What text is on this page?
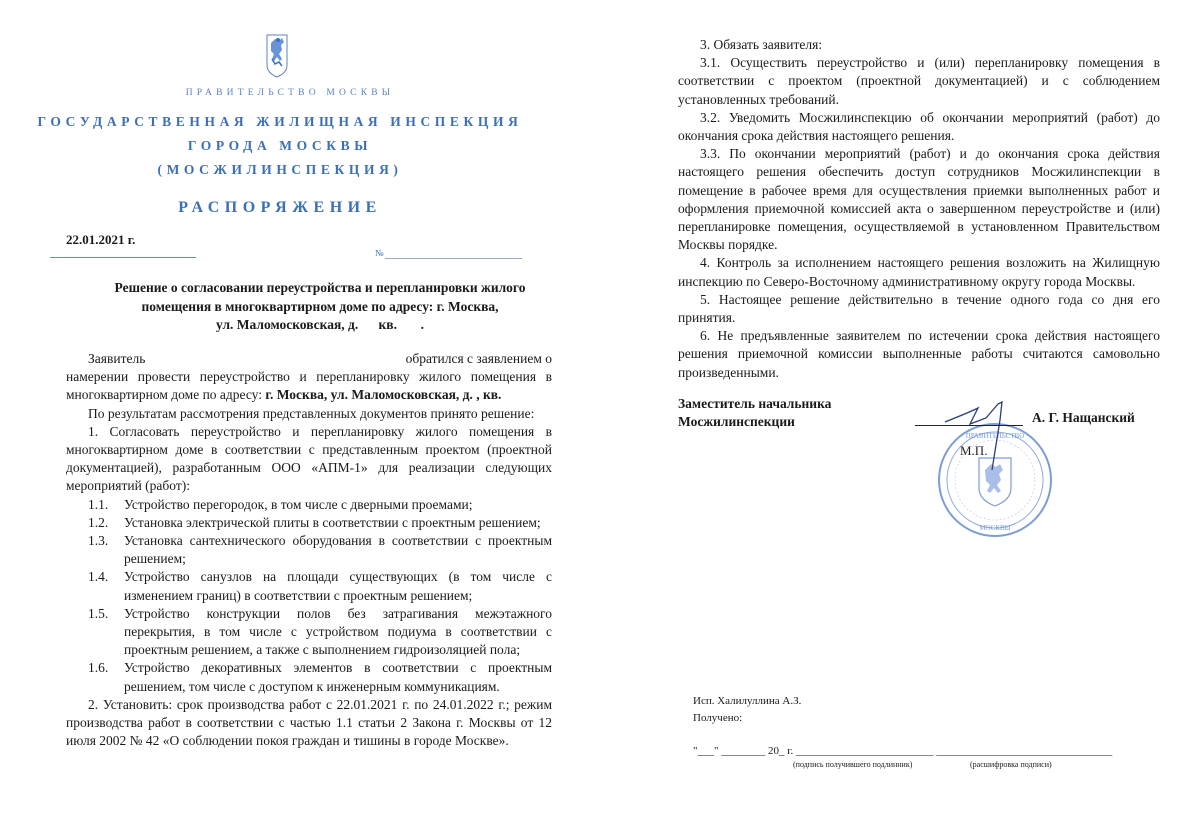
ПРАВИТЕЛЬСТВО МОСКВЫ
ГОСУДАРСТВЕННАЯ ЖИЛИЩНАЯ ИНСПЕКЦИЯ
ГОРОДА МОСКВЫ
(МОСЖИЛИНСПЕКЦИЯ)
РАСПОРЯЖЕНИЕ
22.01.2021 г.
№
Решение о согласовании переустройства и перепланировки жилого
помещения в многоквартирном доме по адресу: г. Москва,
ул. Маломосковская, д.      кв.       .

Заявитель	обратился с заявлением о

намерении провести переустройство и перепланировку жилого помещения в многоквартирном доме по адресу: г. Москва, ул. Маломосковская, д. , кв.

По результатам рассмотрения представленных документов принято решение:

1. Согласовать переустройство и перепланировку жилого помещения в многоквартирном доме в соответствии с представленным проектом (проектной документацией), разработанным ООО «АПМ-1» для реализации следующих мероприятий (работ):

1.1.	Устройство перегородок, в том числе с дверными проемами;
1.2.	Установка электрической плиты в соответствии с проектным решением;
1.3.	Установка сантехнического оборудования в соответствии с проектным решением;
1.4.	Устройство санузлов на площади существующих (в том числе с изменением границ) в соответствии с проектным решением;
1.5.	Устройство конструкции полов без затрагивания межэтажного перекрытия, в том числе с устройством подиума в соответствии с проектным решением, а также с выполнением гидроизоляцией пола;
1.6.	Устройство декоративных элементов в соответствии с проектным решением, том числе с доступом к инженерным коммуникациям.

2. Установить: срок производства работ с 22.01.2021 г. по 24.01.2022 г.; режим производства работ в соответствии с частью 1.1 статьи 2 Закона г. Москвы от 12 июля 2002 № 42 «О соблюдении покоя граждан и тишины в городе Москве».

3. Обязать заявителя:

3.1. Осуществить переустройство и (или) перепланировку помещения в соответствии с проектом (проектной документацией) и с соблюдением установленных требований.

3.2. Уведомить Мосжилинспекцию об окончании мероприятий (работ) до окончания срока действия настоящего решения.

3.3. По окончании мероприятий (работ) и до окончания срока действия настоящего решения обеспечить доступ сотрудников Мосжилинспекции в помещение в рабочее время для осуществления приемки выполненных работ и оформления приемочной комиссией акта о завершенном переустройстве и (или) перепланировке помещения, осуществляемой в установленном Правительством Москвы порядке.

4. Контроль за исполнением настоящего решения возложить на Жилищную инспекцию по Северо-Восточному административному округу города Москвы.

5. Настоящее решение действительно в течение одного года со дня его принятия.

6. Не предъявленные заявителем по истечении срока действия настоящего решения приемочной комиссии выполненные работы считаются самовольно произведенными.

Заместитель начальника
Мосжилинспекции
ПРАВИТЕЛЬСТВО
МОСКВЫ
А. Г. Нащанский
М.П.
Исп. Халилуллина А.З.
Получено:
"___" ________ 20_ г. _________________________ ________________________________
(подпись получившего подлинник)	(расшифровка подписи)
